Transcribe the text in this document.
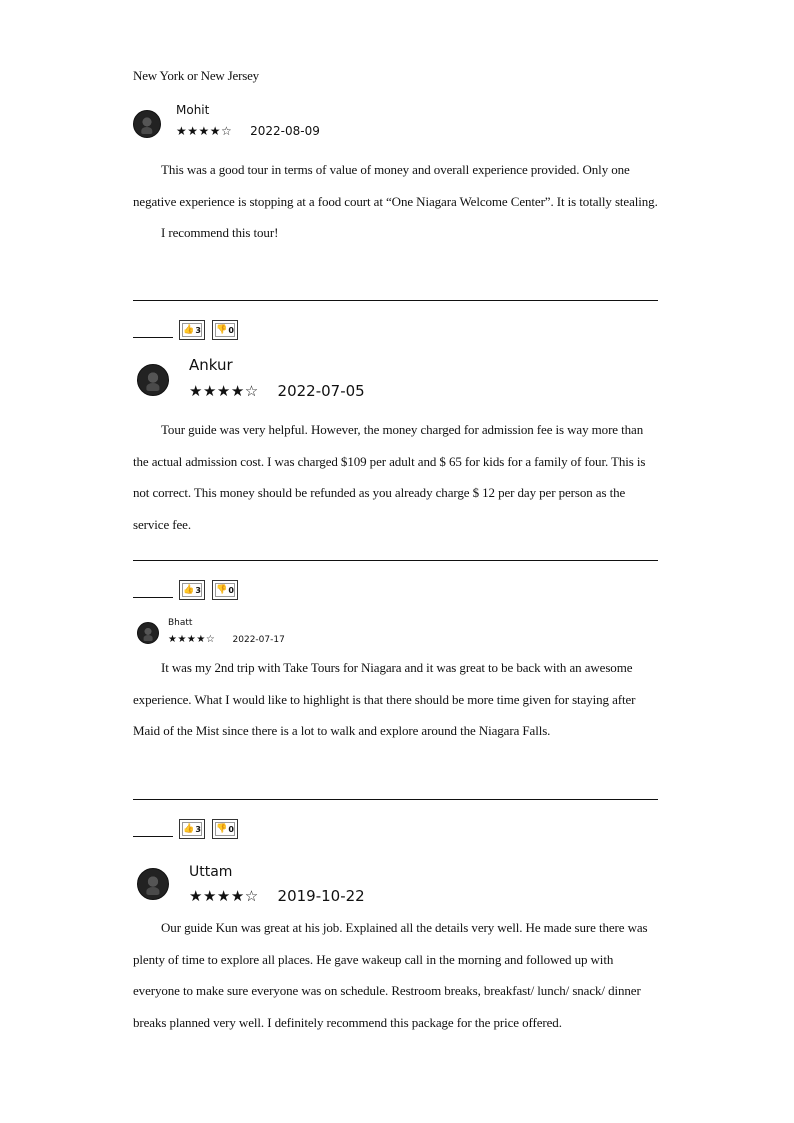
New York or New Jersey
Mohit
★★★★☆ 2022-08-09

This was a good tour in terms of value of money and overall experience provided. Only one negative experience is stopping at a food court at “One Niagara Welcome Center”. It is totally stealing.

I recommend this tour!

👍 3 👎 0
Ankur
★★★★☆ 2022-07-05

Tour guide was very helpful. However, the money charged for admission fee is way more than the actual admission cost. I was charged $109 per adult and $ 65 for kids for a family of four. This is not correct. This money should be refunded as you already charge $ 12 per day per person as the service fee.

👍 3 👎 0
Bhatt
★★★★☆ 2022-07-17

It was my 2nd trip with Take Tours for Niagara and it was great to be back with an awesome experience. What I would like to highlight is that there should be more time given for staying after Maid of the Mist since there is a lot to walk and explore around the Niagara Falls.

👍 3 👎 0
Uttam
★★★★☆ 2019-10-22

Our guide Kun was great at his job. Explained all the details very well. He made sure there was plenty of time to explore all places. He gave wakeup call in the morning and followed up with everyone to make sure everyone was on schedule. Restroom breaks, breakfast/ lunch/ snack/ dinner breaks planned very well. I definitely recommend this package for the price offered.
